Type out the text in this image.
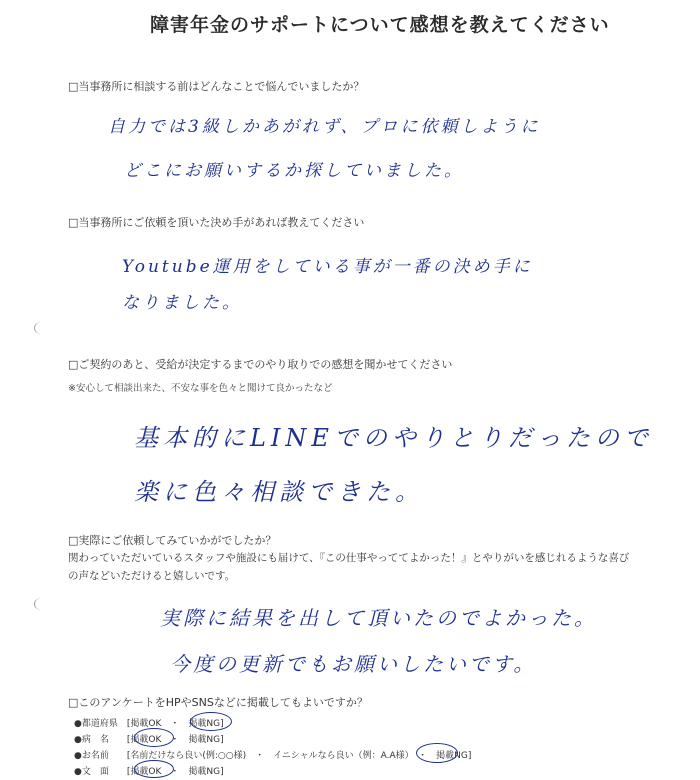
障害年金のサポートについて感想を教えてください
□当事務所に相談する前はどんなことで悩んでいましたか？
自力では3級しかあがれず、プロに依頼しように
どこにお願いするか探していました。
□当事務所にご依頼を頂いた決め手があれば教えてください
Youtube運用をしている事が一番の決め手に
なりました。
□ご契約のあと、受給が決定するまでのやり取りでの感想を聞かせてください
※安心して相談出来た、不安な事を色々と聞けて良かったなど
基本的にLINEでのやりとりだったので
楽に色々相談できた。
□実際にご依頼してみていかがでしたか？
関わっていただいているスタッフや施設にも届けて、『この仕事やっててよかった！』とやりがいを感じれるような喜び
の声などいただけると嬉しいです。
実際に結果を出して頂いたのでよかった。
今度の更新でもお願いしたいです。
□このアンケートをHPやSNSなどに掲載してもよいですか？
●都道府県 [掲載OK　・　掲載NG]
●病　名 [掲載OK　・　掲載NG]
●お名前 [名前だけなら良い(例:○○様)　・　イニシャルなら良い（例：A.A様）　・　掲載NG]
●文　面 [掲載OK　・　掲載NG]
